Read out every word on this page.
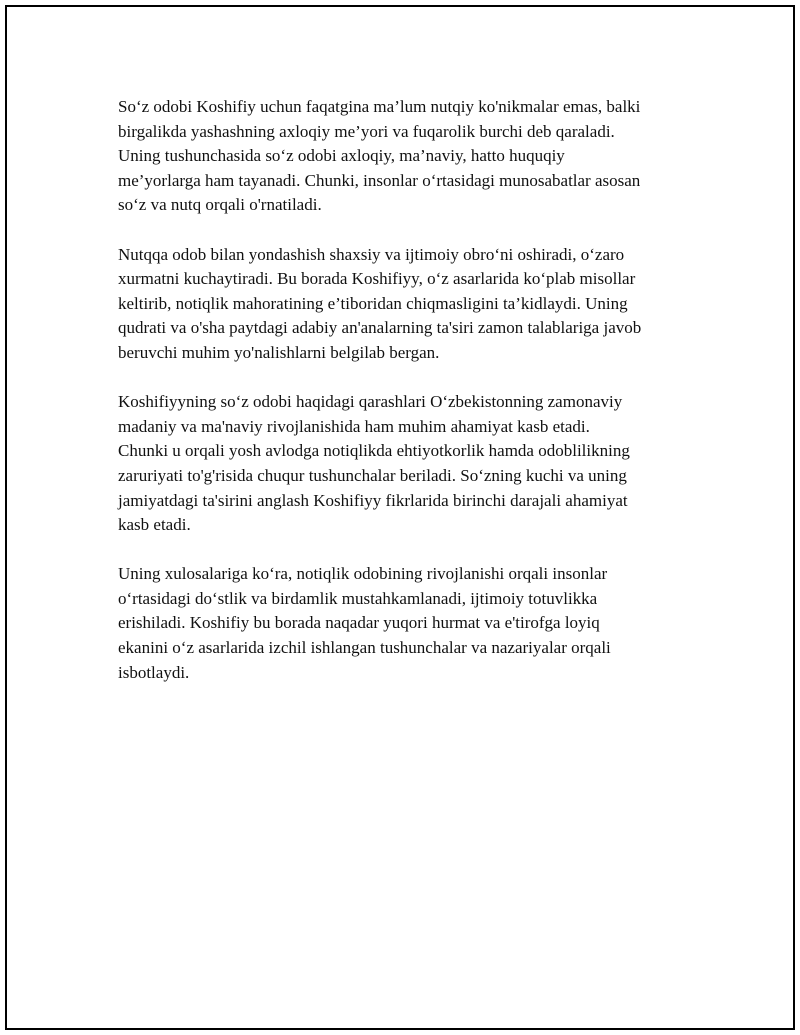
So‘z odobi Koshifiy uchun faqatgina ma’lum nutqiy ko'nikmalar emas, balki
birgalikda yashashning axloqiy me’yori va fuqarolik burchi deb qaraladi.
Uning tushunchasida so‘z odobi axloqiy, ma’naviy, hatto huquqiy
me’yorlarga ham tayanadi. Chunki, insonlar o‘rtasidagi munosabatlar asosan
so‘z va nutq orqali o'rnatiladi.

Nutqqa odob bilan yondashish shaxsiy va ijtimoiy obro‘ni oshiradi, o‘zaro
xurmatni kuchaytiradi. Bu borada Koshifiyy, o‘z asarlarida ko‘plab misollar
keltirib, notiqlik mahoratining e’tiboridan chiqmasligini ta’kidlaydi. Uning
qudrati va o'sha paytdagi adabiy an'analarning ta'siri zamon talablariga javob
beruvchi muhim yo'nalishlarni belgilab bergan.

Koshifiyyning so‘z odobi haqidagi qarashlari O‘zbekistonning zamonaviy
madaniy va ma'naviy rivojlanishida ham muhim ahamiyat kasb etadi.
Chunki u orqali yosh avlodga notiqlikda ehtiyotkorlik hamda odoblilikning
zaruriyati to'g'risida chuqur tushunchalar beriladi. So‘zning kuchi va uning
jamiyatdagi ta'sirini anglash Koshifiyy fikrlarida birinchi darajali ahamiyat
kasb etadi.

Uning xulosalariga ko‘ra, notiqlik odobining rivojlanishi orqali insonlar
o‘rtasidagi do‘stlik va birdamlik mustahkamlanadi, ijtimoiy totuvlikka
erishiladi. Koshifiy bu borada naqadar yuqori hurmat va e'tirofga loyiq
ekanini o‘z asarlarida izchil ishlangan tushunchalar va nazariyalar orqali
isbotlaydi.
